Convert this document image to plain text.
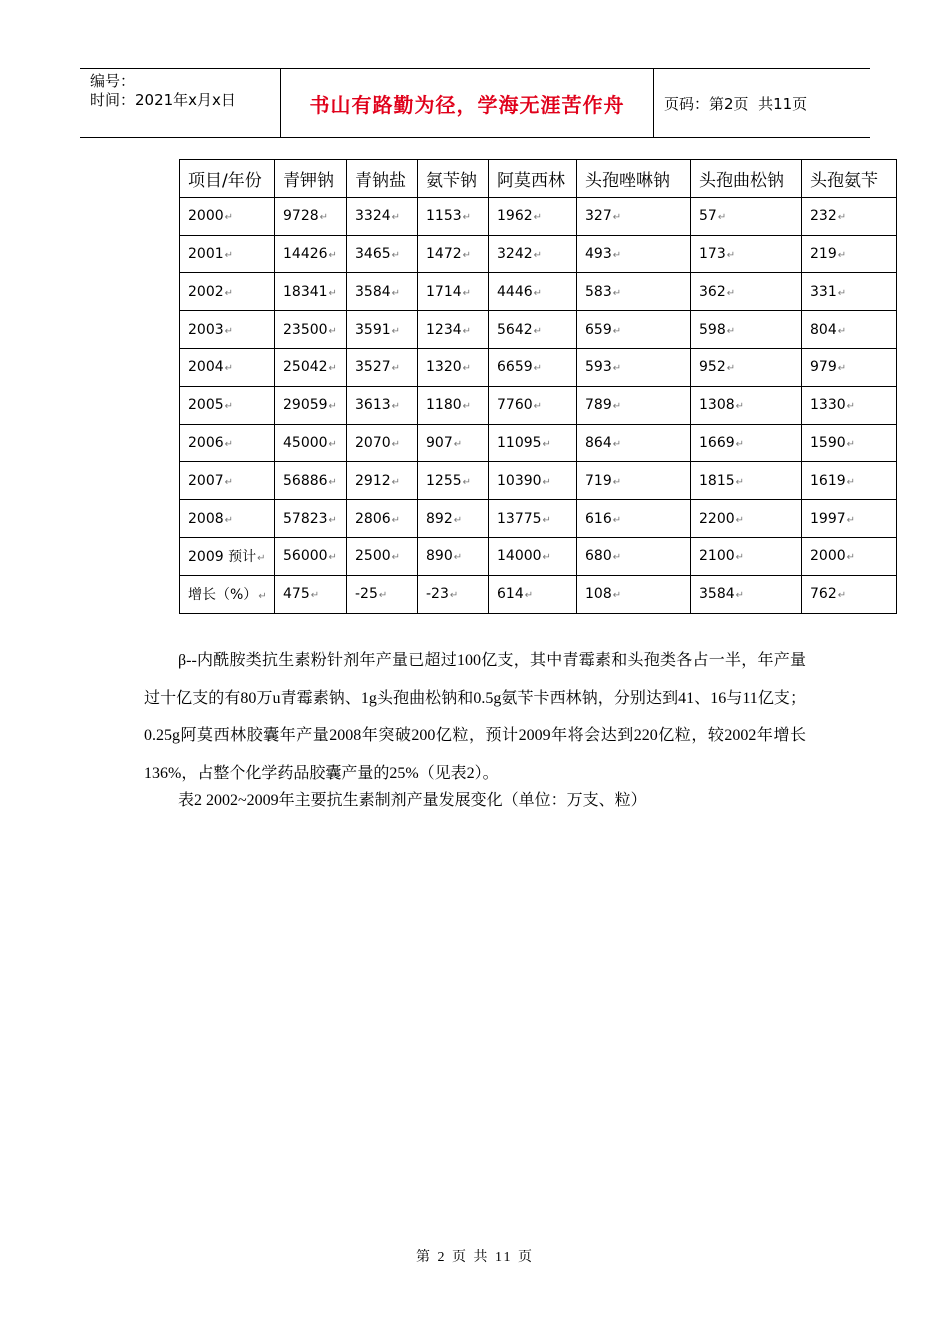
编号：
时间：2021年x月x日	书山有路勤为径，学海无涯苦作舟	页码：第2页  共11页
项目/年份	青钾钠	青钠盐	氨苄钠	阿莫西林	头孢唑啉钠	头孢曲松钠	头孢氨苄
2000↵	9728↵	3324↵	1153↵	1962↵	327↵	57↵	232↵
2001↵	14426↵	3465↵	1472↵	3242↵	493↵	173↵	219↵
2002↵	18341↵	3584↵	1714↵	4446↵	583↵	362↵	331↵
2003↵	23500↵	3591↵	1234↵	5642↵	659↵	598↵	804↵
2004↵	25042↵	3527↵	1320↵	6659↵	593↵	952↵	979↵
2005↵	29059↵	3613↵	1180↵	7760↵	789↵	1308↵	1330↵
2006↵	45000↵	2070↵	907↵	11095↵	864↵	1669↵	1590↵
2007↵	56886↵	2912↵	1255↵	10390↵	719↵	1815↵	1619↵
2008↵	57823↵	2806↵	892↵	13775↵	616↵	2200↵	1997↵
2009 预计↵	56000↵	2500↵	890↵	14000↵	680↵	2100↵	2000↵
增长（%）↵	475↵	-25↵	-23↵	614↵	108↵	3584↵	762↵
β--内酰胺类抗生素粉针剂年产量已超过100亿支，其中青霉素和头孢类各占一半，年产量过十亿支的有80万u青霉素钠、1g头孢曲松钠和0.5g氨苄卡西林钠，分别达到41、16与11亿支；0.25g阿莫西林胶囊年产量2008年突破200亿粒，预计2009年将会达到220亿粒，较2002年增长136%，占整个化学药品胶囊产量的25%（见表2）。
表2 2002~2009年主要抗生素制剂产量发展变化（单位：万支、粒）
第 2 页 共 11 页
